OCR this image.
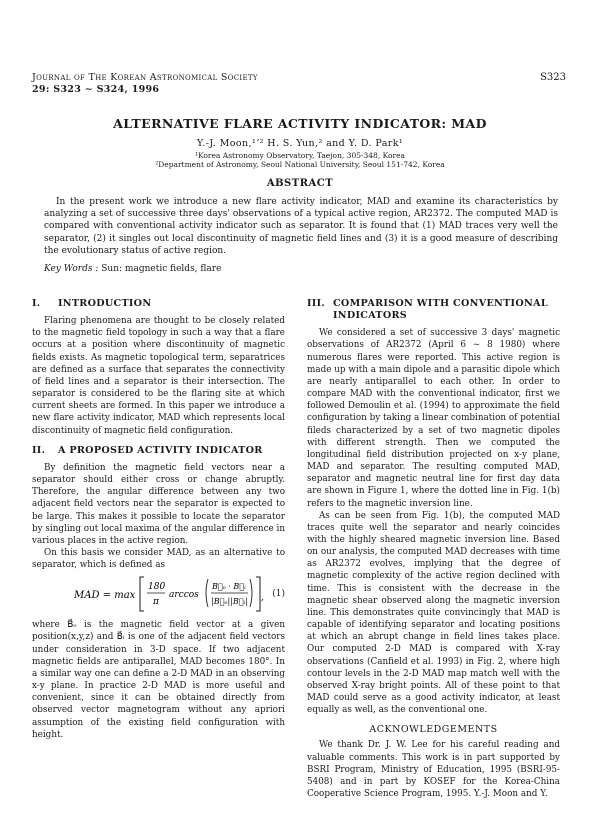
Journal of The Korean Astronomical Society
29: S323 ∼ S324, 1996
S323
ALTERNATIVE FLARE ACTIVITY INDICATOR: MAD
Y.-J. Moon,¹ʼ² H. S. Yun,² and Y. D. Park¹
¹Korea Astronomy Observatory, Taejon, 305-348, Korea
²Department of Astronomy, Seoul National University, Seoul 151-742, Korea
ABSTRACT

In the present work we introduce a new flare activity indicator, MAD and examine its characteristics by analyzing a set of successive three days' observations of a typical active region, AR2372. The computed MAD is compared with conventional activity indicator such as separator. It is found that (1) MAD traces very well the separator, (2) it singles out local discontinuity of magnetic field lines and (3) it is a good measure of describing the evolutionary status of active region.

Key Words : Sun: magnetic fields, flare
I.	INTRODUCTION

Flaring phenomena are thought to be closely related to the magnetic field topology in such a way that a flare occurs at a position where discontinuity of magnetic fields exists. As magnetic topological term, separatrices are defined as a surface that separates the connectivity of field lines and a separator is their intersection. The separator is considered to be the flaring site at which current sheets are formed. In this paper we introduce a new flare activity indicator, MAD which represents local discontinuity of magnetic field configuration.

II.	A PROPOSED ACTIVITY INDICATOR

By definition the magnetic field vectors near a separator should either cross or change abruptly. Therefore, the angular difference between any two adjacent field vectors near the separator is expected to be large. This makes it possible to locate the separator by singling out local maxima of the angular difference in various places in the active region.

On this basis we consider MAD, as an alternative to separator, which is defined as

MAD = max
180
π
arccos
B⃗ₒ · B⃗ᵢ
|B⃗ₒ||B⃗ᵢ| , (1)

where B⃗ₒ is the magnetic field vector at a given position(x,y,z) and B⃗ᵢ is one of the adjacent field vectors under consideration in 3-D space. If two adjacent magnetic fields are antiparallel, MAD becomes 180°. In a similar way one can define a 2-D MAD in an observing x-y plane. In practice 2-D MAD is more useful and convenient, since it can be obtained directly from observed vector magnetogram without any apriori assumption of the existing field configuration with height.

III. COMPARISON WITH CONVENTIONAL
INDICATORS

We considered a set of successive 3 days' magnetic observations of AR2372 (April 6 ∼ 8 1980) where numerous flares were reported. This active region is made up with a main dipole and a parasitic dipole which are nearly antiparallel to each other. In order to compare MAD with the conventional indicator, first we followed Demoulin et al. (1994) to approximate the field configuration by taking a linear combination of potential fileds characterized by a set of two magnetic dipoles with different strength. Then we computed the longitudinal field distribution projected on x-y plane, MAD and separator. The resulting computed MAD, separator and magnetic neutral line for first day data are shown in Figure 1, where the dotted line in Fig. 1(b) refers to the magnetic inversion line.

As can be seen from Fig. 1(b), the computed MAD traces quite well the separator and nearly coincides with the highly sheared magnetic inversion line. Based on our analysis, the computed MAD decreases with time as AR2372 evolves, implying that the degree of magnetic complexity of the active region declined with time. This is consistent with the decrease in the magnetic shear observed along the magnetic inversion line. This demonstrates quite convincingly that MAD is capable of identifying separator and locating positions at which an abrupt change in field lines takes place. Our computed 2-D MAD is compared with X-ray observations (Canfield et al. 1993) in Fig. 2, where high contour levels in the 2-D MAD map match well with the observed X-ray bright points. All of these point to that MAD could serve as a good activity indicator, at least equally as well, as the conventional one.

ACKNOWLEDGEMENTS

We thank Dr. J. W. Lee for his careful reading and valuable comments. This work is in part supported by BSRI Program, Ministry of Education, 1995 (BSRI-95-5408) and in part by KOSEF for the Korea-China Cooperative Science Program, 1995. Y.-J. Moon and Y.
